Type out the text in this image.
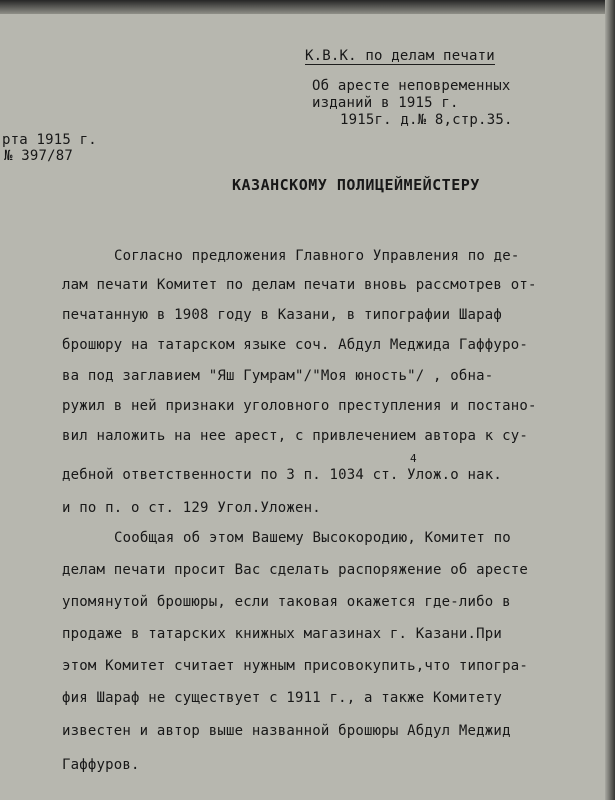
К.В.К. по делам печати
Об аресте неповременных
изданий в 1915 г.
1915г. д.№ 8,стр.35.
рта 1915 г.
№ 397/87
КАЗАНСКОМУ ПОЛИЦЕЙМЕЙСТЕРУ
Согласно предложения Главного Управления по де-
лам печати Комитет по делам печати вновь рассмотрев от-
печатанную в 1908 году в Казани, в типографии Шараф
брошюру на татарском языке соч. Абдул Меджида Гаффуро-
ва под заглавием "Яш Гумрам"/"Моя юность"/ , обна-
ружил в ней признаки уголовного преступления и постано-
вил наложить на нее арест, с привлечением автора к су-
4
дебной ответственности по 3 п. 1034 ст. Улож.о нак.
и по п. о ст. 129 Угол.Уложен.
Сообщая об этом Вашему Высокородию, Комитет по
делам печати просит Вас сделать распоряжение об аресте
упомянутой брошюры, если таковая окажется где-либо в
продаже в татарских книжных магазинах г. Казани.При
этом Комитет считает нужным присовокупить,что типогра-
фия Шараф не существует с 1911 г., а также Комитету
известен и автор выше названной брошюры Абдул Меджид
Гаффуров.
